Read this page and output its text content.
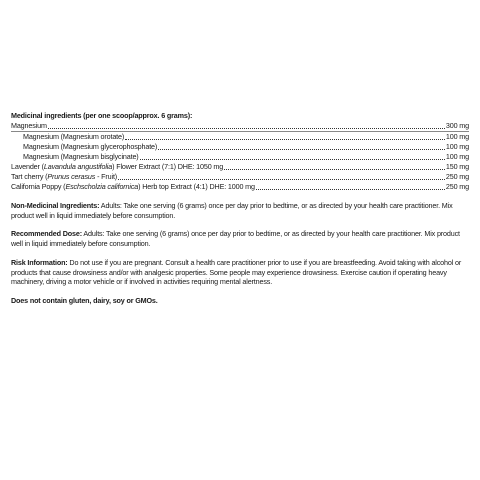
Medicinal ingredients (per one scoop/approx. 6 grams):
Magnesium	300 mg
Magnesium (Magnesium orotate)	100 mg
Magnesium (Magnesium glycerophosphate)	100 mg
Magnesium (Magnesium bisglycinate)	100 mg
Lavender (Lavandula angustifolia) Flower Extract (7:1) DHE: 1050 mg	150 mg
Tart cherry (Prunus cerasus - Fruit)	250 mg
California Poppy (Eschscholzia californica) Herb top Extract (4:1) DHE: 1000 mg	250 mg
Non-Medicinal Ingredients: Adults: Take one serving (6 grams) once per day prior to bedtime, or as directed by your health care practitioner. Mix product well in liquid immediately before consumption.
Recommended Dose: Adults: Take one serving (6 grams) once per day prior to bedtime, or as directed by your health care practitioner. Mix product well in liquid immediately before consumption.
Risk Information: Do not use if you are pregnant. Consult a health care practitioner prior to use if you are breastfeeding. Avoid taking with alcohol or products that cause drowsiness and/or with analgesic properties. Some people may experience drowsiness. Exercise caution if operating heavy machinery, driving a motor vehicle or if involved in activities requiring mental alertness.
Does not contain gluten, dairy, soy or GMOs.
